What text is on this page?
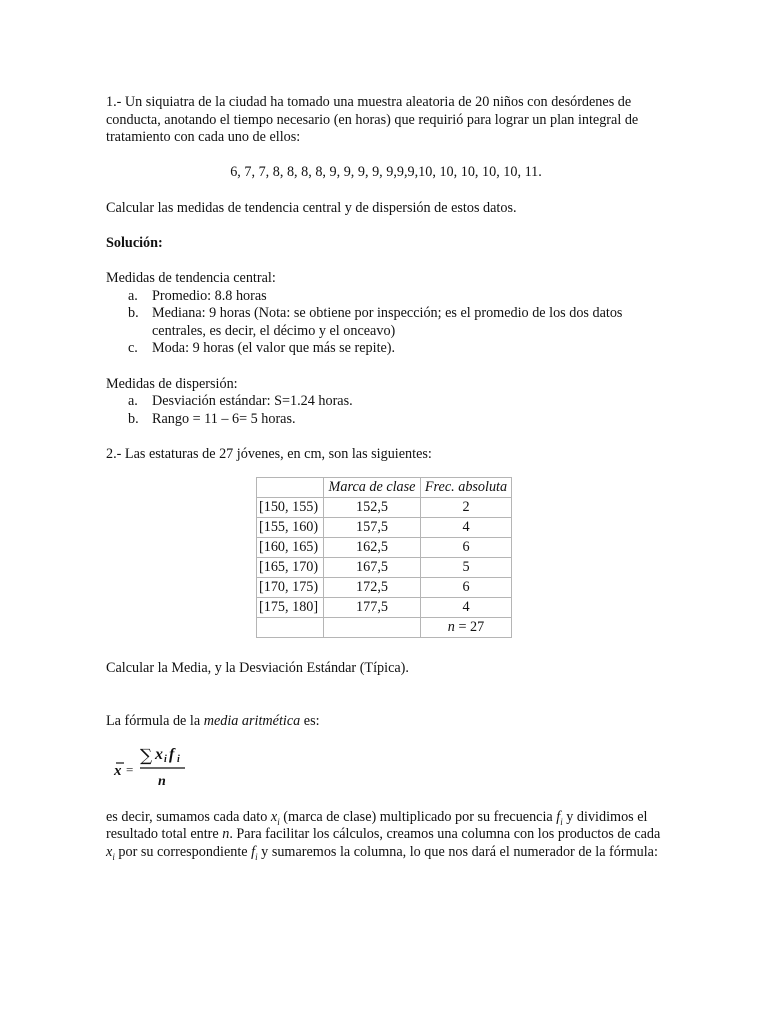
1.- Un siquiatra de la ciudad ha tomado una muestra aleatoria de 20 niños con desórdenes de conducta, anotando el tiempo necesario (en horas) que requirió para lograr un plan integral de tratamiento con cada uno de ellos:

6, 7, 7, 8, 8, 8, 8, 9, 9, 9, 9, 9,9,9,10, 10, 10, 10, 10, 11.

Calcular las medidas de tendencia central y de dispersión de estos datos.

Solución:

Medidas de tendencia central:

a. Promedio: 8.8 horas
b. Mediana: 9 horas (Nota: se obtiene por inspección; es el promedio de los dos datos centrales, es decir, el décimo y el onceavo)
c. Moda: 9 horas (el valor que más se repite).

Medidas de dispersión:

a. Desviación estándar: S=1.24 horas.
b. Rango = 11 – 6= 5 horas.

2.- Las estaturas de 27 jóvenes, en cm, son las siguientes:

	Marca de clase	Frec. absoluta
[150, 155)	152,5	2
[155, 160)	157,5	4
[160, 165)	162,5	6
[165, 170)	167,5	5
[170, 175)	172,5	6
[175, 180]	177,5	4
		n = 27

Calcular la Media, y la Desviación Estándar (Típica).

La fórmula de la media aritmética es:

x =
∑ x i f i
n

es decir, sumamos cada dato $x_i$ (marca de clase) multiplicado por su frecuencia $f_i$ y dividimos el resultado total entre n. Para facilitar los cálculos, creamos una columna con los productos de cada $x_i$ por su correspondiente $f_i$ y sumaremos la columna, lo que nos dará el numerador de la fórmula:
